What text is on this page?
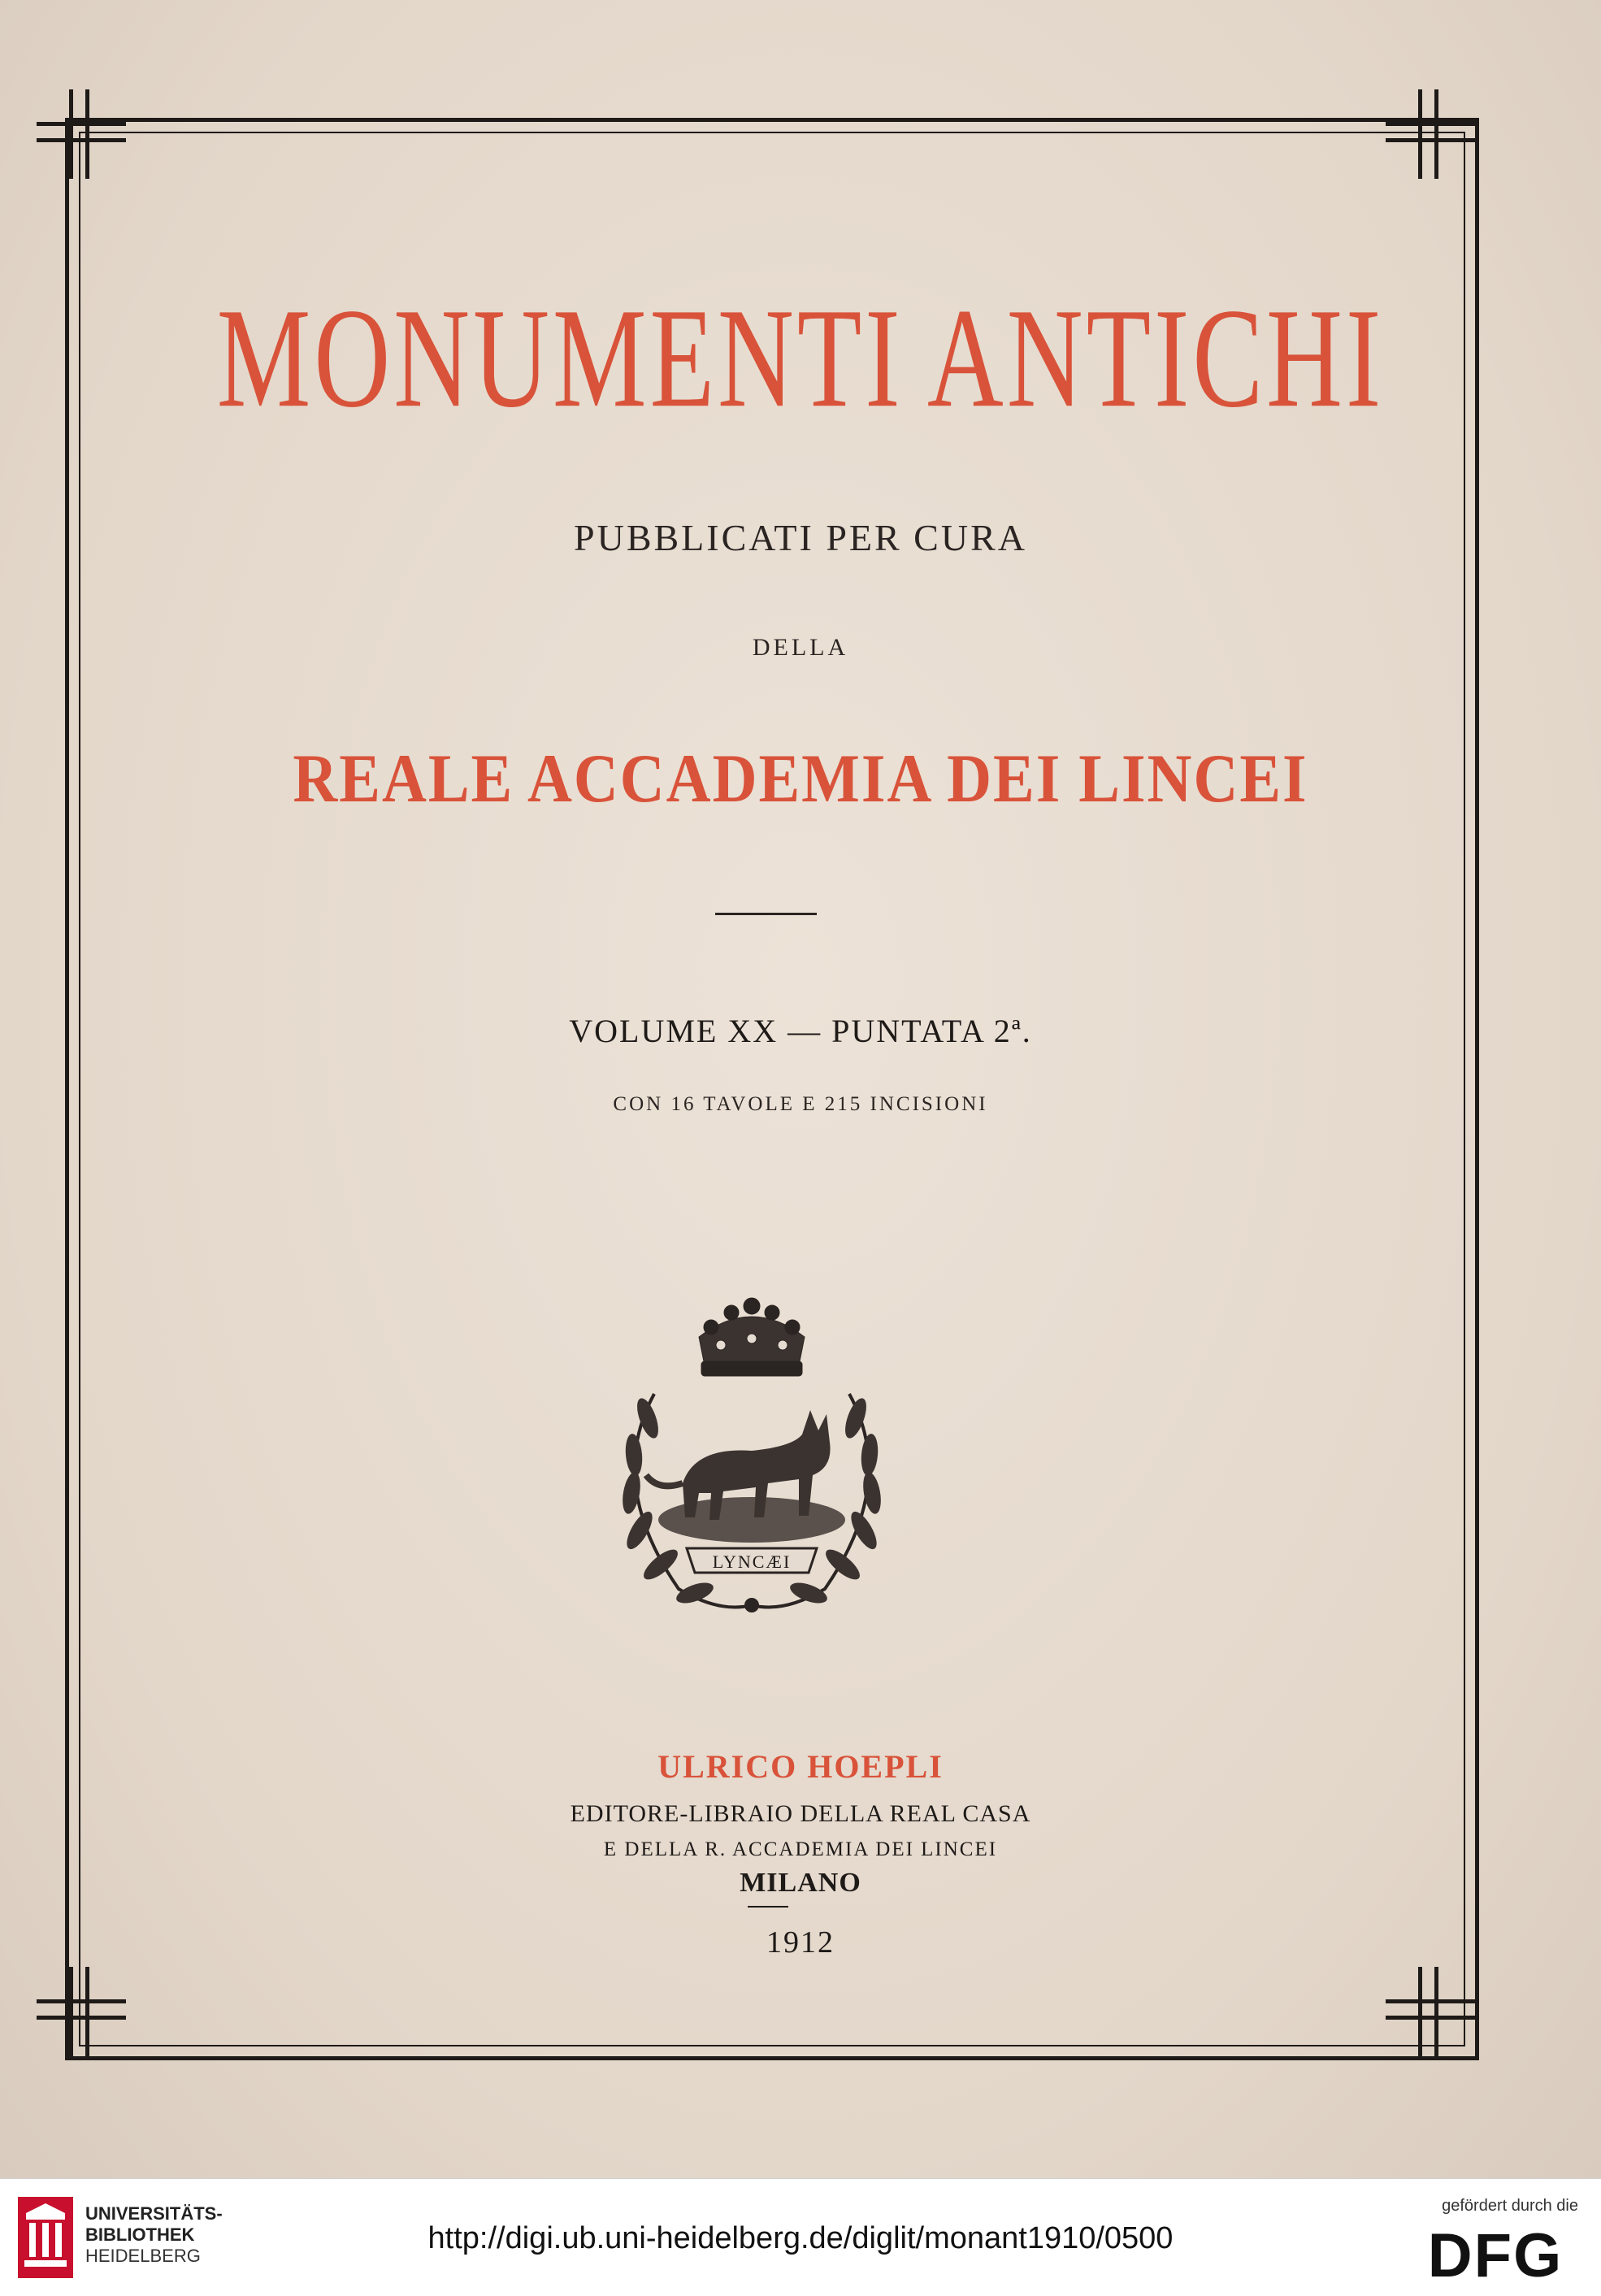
MONUMENTI ANTICHI
PUBBLICATI PER CURA
DELLA
REALE ACCADEMIA DEI LINCEI
VOLUME XX — PUNTATA 2ª.
CON 16 TAVOLE E 215 INCISIONI
LYNCÆI
ULRICO HOEPLI
EDITORE-LIBRAIO DELLA REAL CASA
E DELLA R. ACCADEMIA DEI LINCEI
MILANO
1912
UNIVERSITÄTS-
BIBLIOTHEK
HEIDELBERG
http://digi.ub.uni-heidelberg.de/diglit/monant1910/0500
gefördert durch die
DFG
